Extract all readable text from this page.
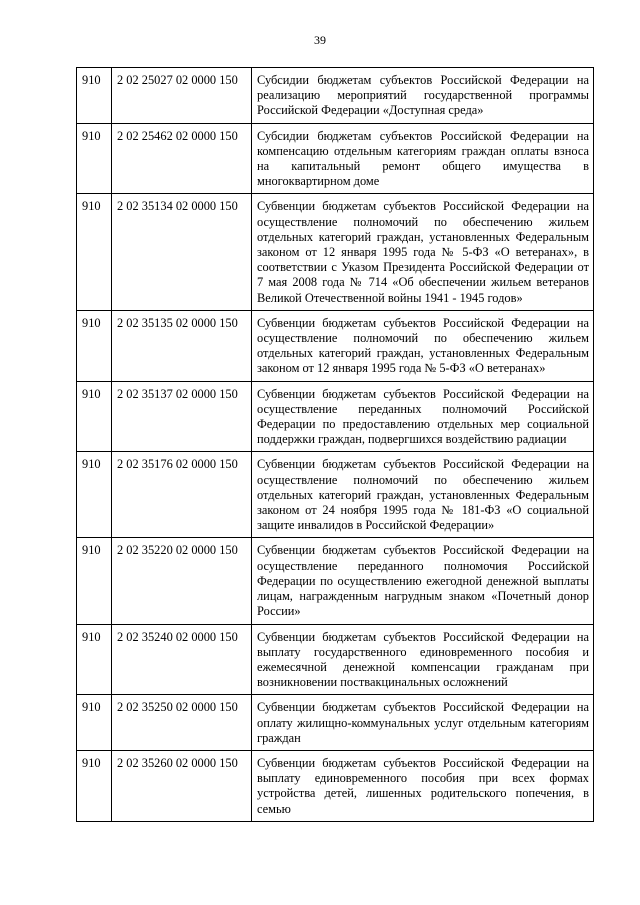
39
910	2 02 25027 02 0000 150	Субсидии бюджетам субъектов Российской Федерации на реализацию мероприятий государственной программы Российской Федерации «Доступная среда»
910	2 02 25462 02 0000 150	Субсидии бюджетам субъектов Российской Федерации на компенсацию отдельным категориям граждан оплаты взноса на капитальный ремонт общего имущества в многоквартирном доме
910	2 02 35134 02 0000 150	Субвенции бюджетам субъектов Российской Федерации на осуществление полномочий по обеспечению жильем отдельных категорий граждан, установленных Федеральным законом от 12 января 1995 года № 5-ФЗ «О ветеранах», в соответствии с Указом Президента Российской Федерации от 7 мая 2008 года № 714 «Об обеспечении жильем ветеранов Великой Отечественной войны 1941 - 1945 годов»
910	2 02 35135 02 0000 150	Субвенции бюджетам субъектов Российской Федерации на осуществление полномочий по обеспечению жильем отдельных категорий граждан, установленных Федеральным законом от 12 января 1995 года № 5-ФЗ «О ветеранах»
910	2 02 35137 02 0000 150	Субвенции бюджетам субъектов Российской Федерации на осуществление переданных полномочий Российской Федерации по предоставлению отдельных мер социальной поддержки граждан, подвергшихся воздействию радиации
910	2 02 35176 02 0000 150	Субвенции бюджетам субъектов Российской Федерации на осуществление полномочий по обеспечению жильем отдельных категорий граждан, установленных Федеральным законом от 24 ноября 1995 года № 181-ФЗ «О социальной защите инвалидов в Российской Федерации»
910	2 02 35220 02 0000 150	Субвенции бюджетам субъектов Российской Федерации на осуществление переданного полномочия Российской Федерации по осуществлению ежегодной денежной выплаты лицам, награжденным нагрудным знаком «Почетный донор России»
910	2 02 35240 02 0000 150	Субвенции бюджетам субъектов Российской Федерации на выплату государственного единовременного пособия и ежемесячной денежной компенсации гражданам при возникновении поствакцинальных осложнений
910	2 02 35250 02 0000 150	Субвенции бюджетам субъектов Российской Федерации на оплату жилищно-коммунальных услуг отдельным категориям граждан
910	2 02 35260 02 0000 150	Субвенции бюджетам субъектов Российской Федерации на выплату единовременного пособия при всех формах устройства детей, лишенных родительского попечения, в семью
